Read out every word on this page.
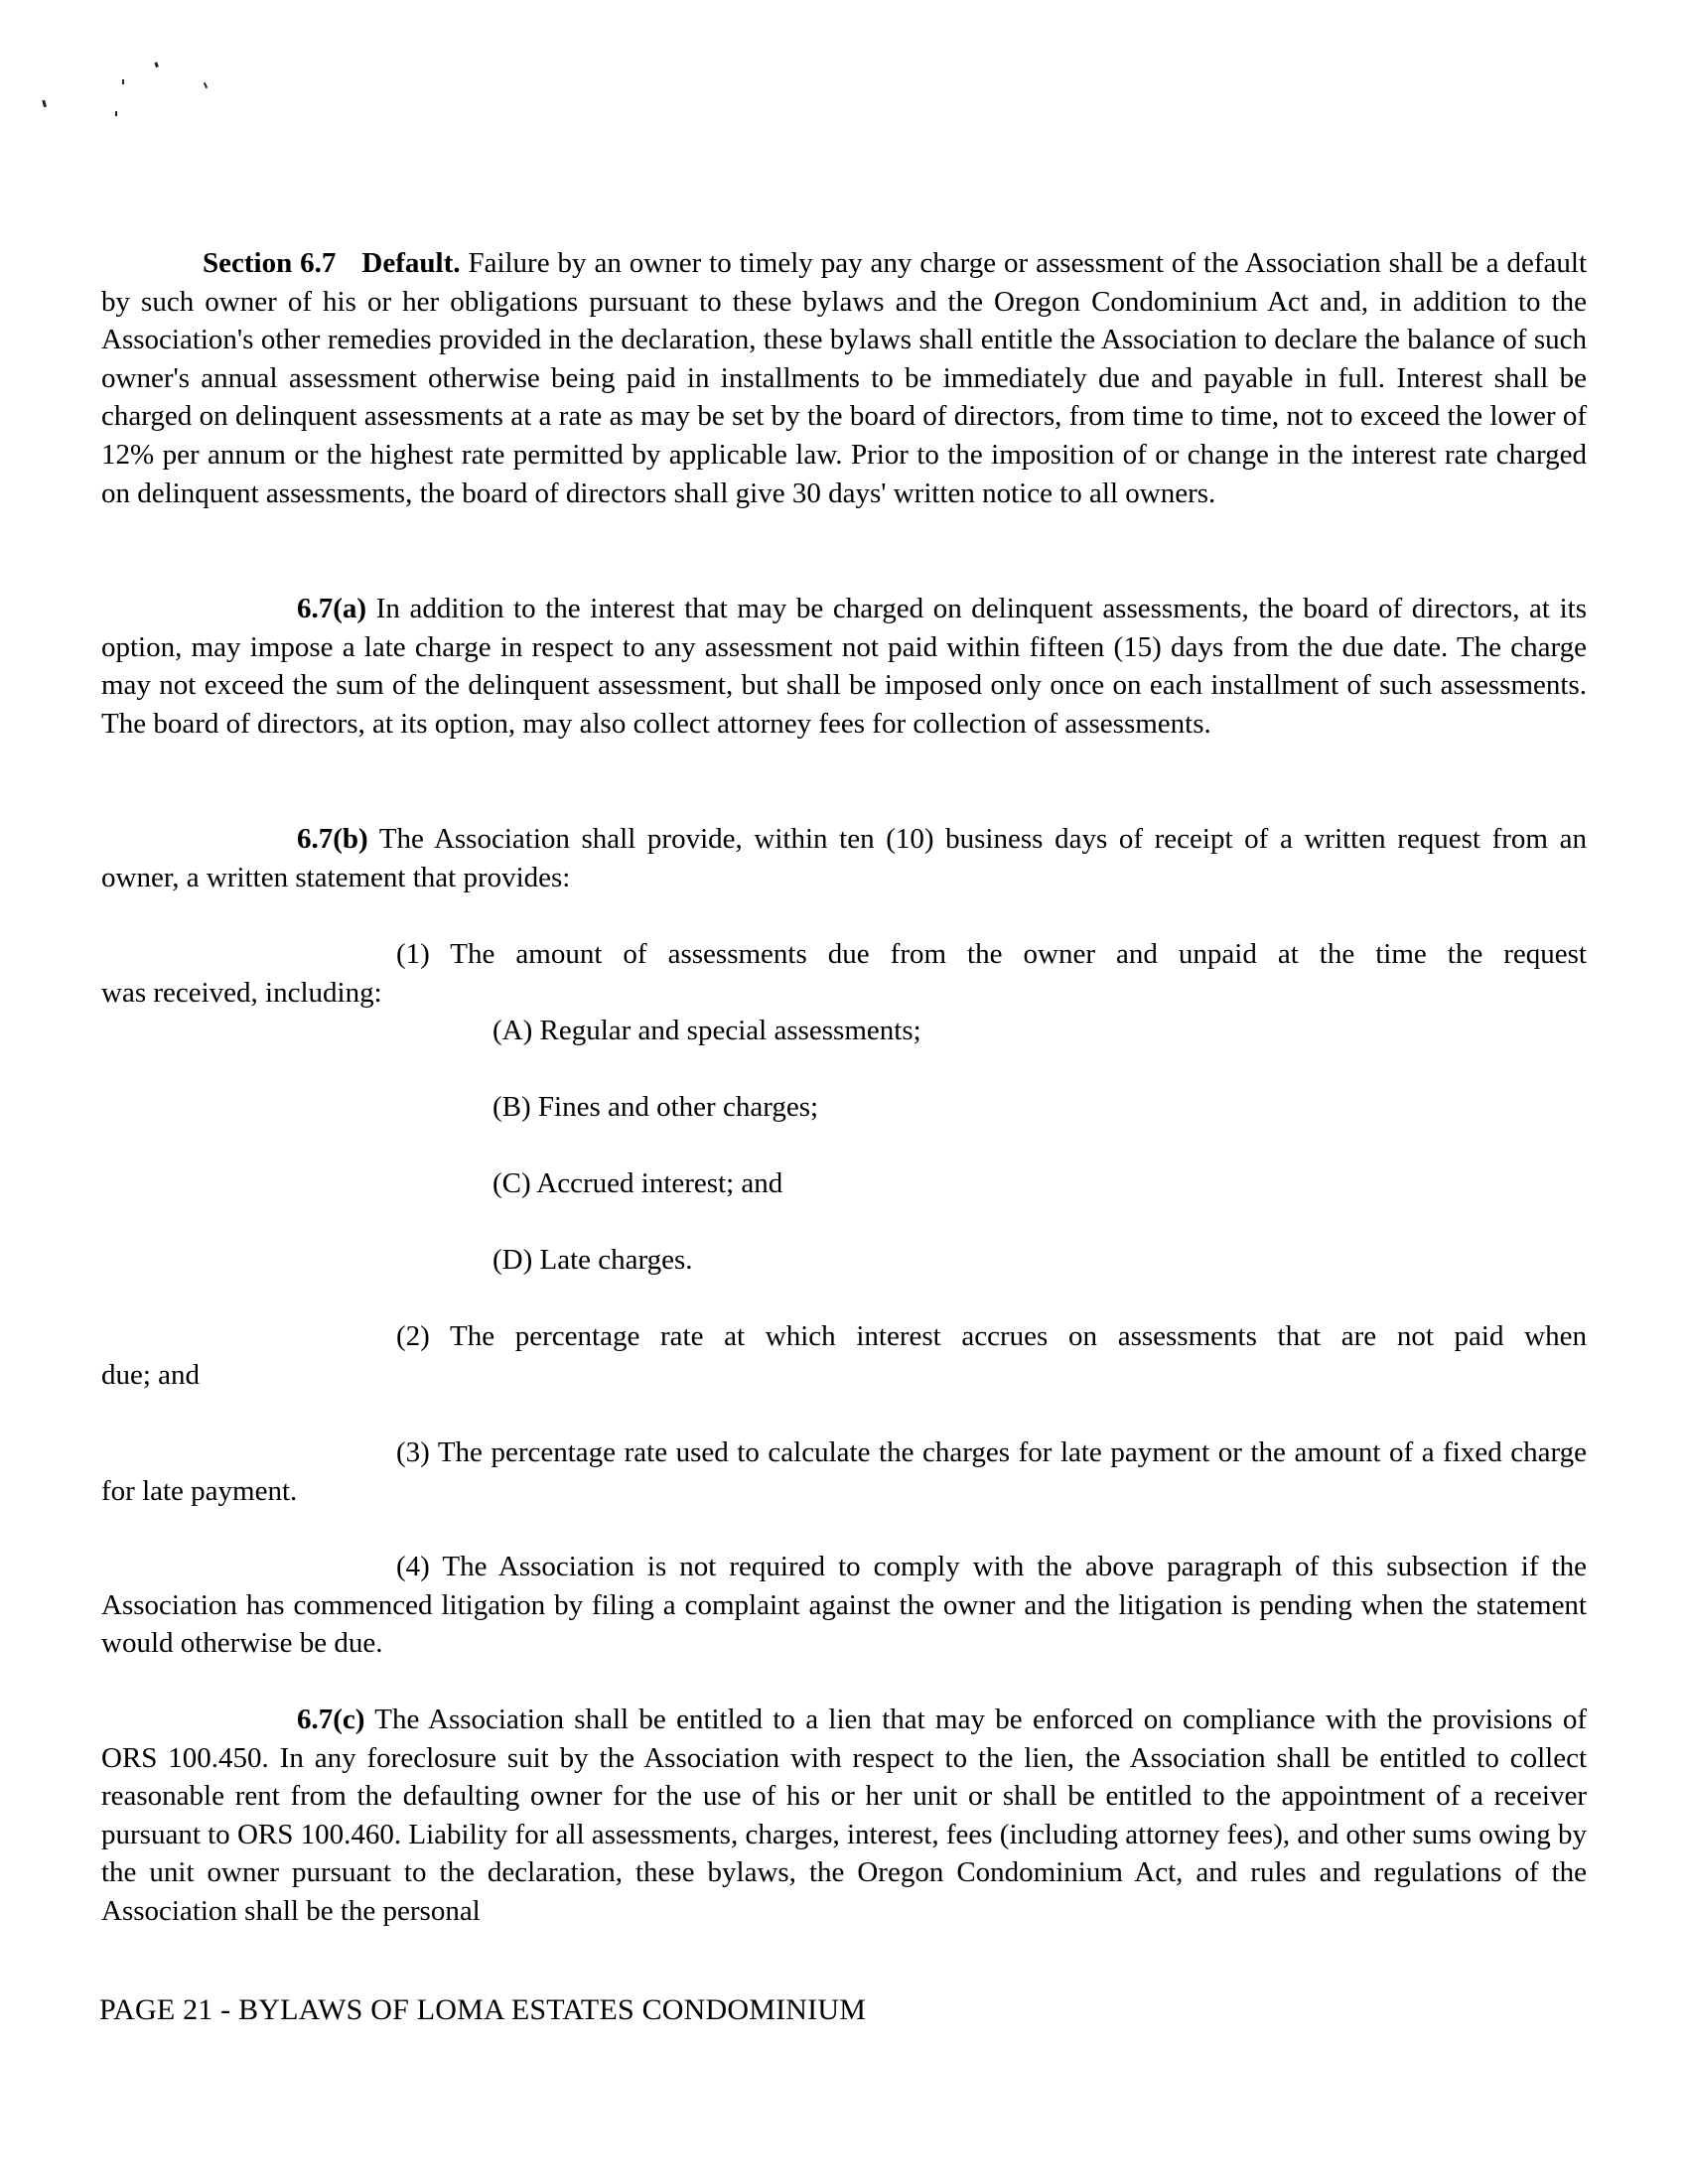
Section 6.7 Default. Failure by an owner to timely pay any charge or assessment of the Association shall be a default by such owner of his or her obligations pursuant to these bylaws and the Oregon Condominium Act and, in addition to the Association's other remedies provided in the declaration, these bylaws shall entitle the Association to declare the balance of such owner's annual assessment otherwise being paid in installments to be immediately due and payable in full. Interest shall be charged on delinquent assessments at a rate as may be set by the board of directors, from time to time, not to exceed the lower of 12% per annum or the highest rate permitted by applicable law. Prior to the imposition of or change in the interest rate charged on delinquent assessments, the board of directors shall give 30 days' written notice to all owners.

6.7(a) In addition to the interest that may be charged on delinquent assessments, the board of directors, at its option, may impose a late charge in respect to any assessment not paid within fifteen (15) days from the due date. The charge may not exceed the sum of the delinquent assessment, but shall be imposed only once on each installment of such assessments. The board of directors, at its option, may also collect attorney fees for collection of assessments.

6.7(b) The Association shall provide, within ten (10) business days of receipt of a written request from an owner, a written statement that provides:

(1) The amount of assessments due from the owner and unpaid at the time the request

was received, including:
(A) Regular and special assessments;
(B) Fines and other charges;
(C) Accrued interest; and
(D) Late charges.

(2) The percentage rate at which interest accrues on assessments that are not paid when

due; and

(3) The percentage rate used to calculate the charges for late payment or the amount of a fixed charge for late payment.

(4) The Association is not required to comply with the above paragraph of this subsection if the Association has commenced litigation by filing a complaint against the owner and the litigation is pending when the statement would otherwise be due.

6.7(c) The Association shall be entitled to a lien that may be enforced on compliance with the provisions of ORS 100.450. In any foreclosure suit by the Association with respect to the lien, the Association shall be entitled to collect reasonable rent from the defaulting owner for the use of his or her unit or shall be entitled to the appointment of a receiver pursuant to ORS 100.460. Liability for all assessments, charges, interest, fees (including attorney fees), and other sums owing by the unit owner pursuant to the declaration, these bylaws, the Oregon Condominium Act, and rules and regulations of the Association shall be the personal

PAGE 21 - BYLAWS OF LOMA ESTATES CONDOMINIUM
